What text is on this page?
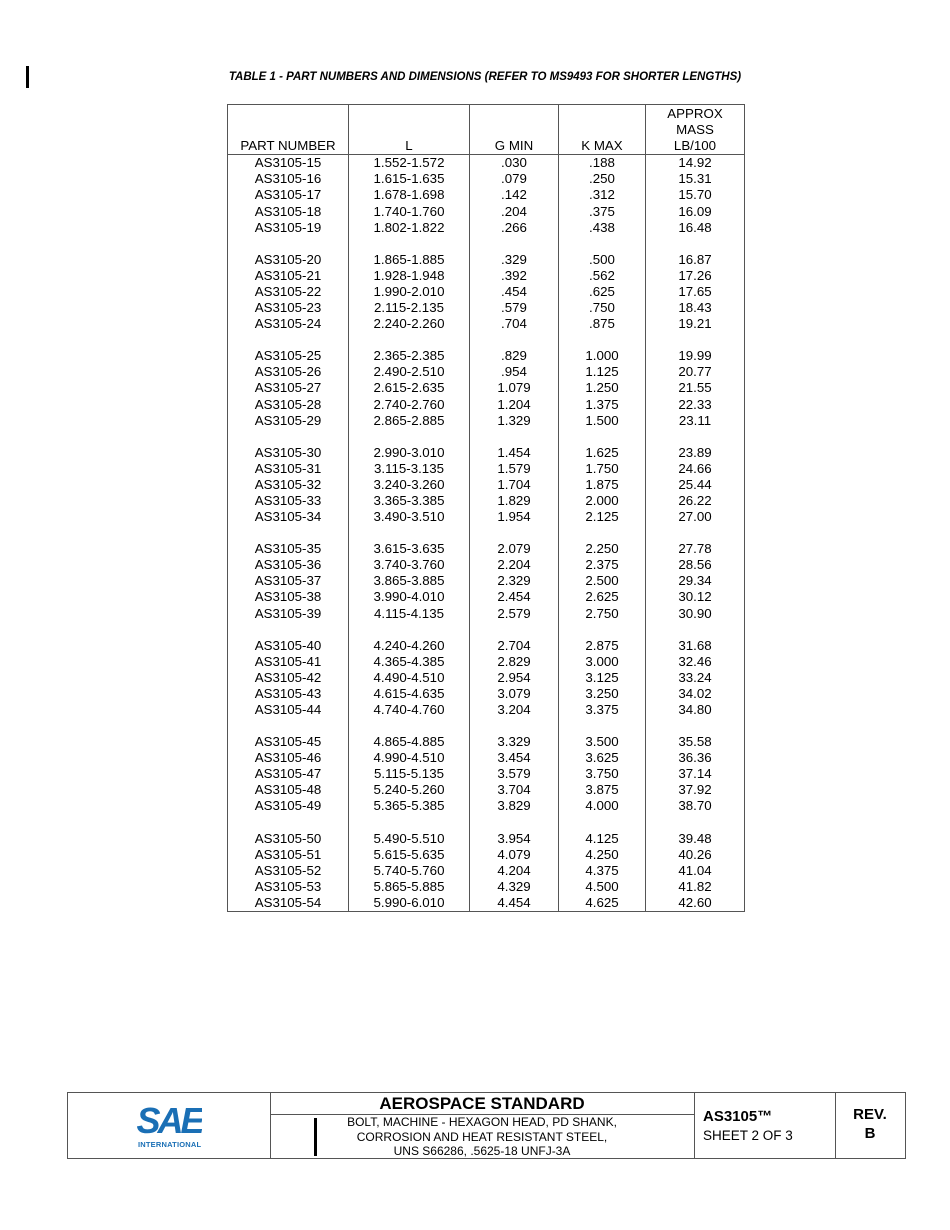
TABLE 1 - PART NUMBERS AND DIMENSIONS (REFER TO MS9493 FOR SHORTER LENGTHS)
PART NUMBER	L	G MIN	K MAX	APPROX MASS LB/100

AS3105-15	1.552-1.572	.030	.188	14.92
AS3105-16	1.615-1.635	.079	.250	15.31
AS3105-17	1.678-1.698	.142	.312	15.70
AS3105-18	1.740-1.760	.204	.375	16.09
AS3105-19	1.802-1.822	.266	.438	16.48

AS3105-20	1.865-1.885	.329	.500	16.87
AS3105-21	1.928-1.948	.392	.562	17.26
AS3105-22	1.990-2.010	.454	.625	17.65
AS3105-23	2.115-2.135	.579	.750	18.43
AS3105-24	2.240-2.260	.704	.875	19.21

AS3105-25	2.365-2.385	.829	1.000	19.99
AS3105-26	2.490-2.510	.954	1.125	20.77
AS3105-27	2.615-2.635	1.079	1.250	21.55
AS3105-28	2.740-2.760	1.204	1.375	22.33
AS3105-29	2.865-2.885	1.329	1.500	23.11

AS3105-30	2.990-3.010	1.454	1.625	23.89
AS3105-31	3.115-3.135	1.579	1.750	24.66
AS3105-32	3.240-3.260	1.704	1.875	25.44
AS3105-33	3.365-3.385	1.829	2.000	26.22
AS3105-34	3.490-3.510	1.954	2.125	27.00

AS3105-35	3.615-3.635	2.079	2.250	27.78
AS3105-36	3.740-3.760	2.204	2.375	28.56
AS3105-37	3.865-3.885	2.329	2.500	29.34
AS3105-38	3.990-4.010	2.454	2.625	30.12
AS3105-39	4.115-4.135	2.579	2.750	30.90

AS3105-40	4.240-4.260	2.704	2.875	31.68
AS3105-41	4.365-4.385	2.829	3.000	32.46
AS3105-42	4.490-4.510	2.954	3.125	33.24
AS3105-43	4.615-4.635	3.079	3.250	34.02
AS3105-44	4.740-4.760	3.204	3.375	34.80

AS3105-45	4.865-4.885	3.329	3.500	35.58
AS3105-46	4.990-4.510	3.454	3.625	36.36
AS3105-47	5.115-5.135	3.579	3.750	37.14
AS3105-48	5.240-5.260	3.704	3.875	37.92
AS3105-49	5.365-5.385	3.829	4.000	38.70

AS3105-50	5.490-5.510	3.954	4.125	39.48
AS3105-51	5.615-5.635	4.079	4.250	40.26
AS3105-52	5.740-5.760	4.204	4.375	41.04
AS3105-53	5.865-5.885	4.329	4.500	41.82
AS3105-54	5.990-6.010	4.454	4.625	42.60
SAE
INTERNATIONAL
AEROSPACE STANDARD
BOLT, MACHINE - HEXAGON HEAD, PD SHANK,
CORROSION AND HEAT RESISTANT STEEL,
UNS S66286, .5625-18 UNFJ-3A
AS3105™
SHEET 2 OF 3
REV.
B
